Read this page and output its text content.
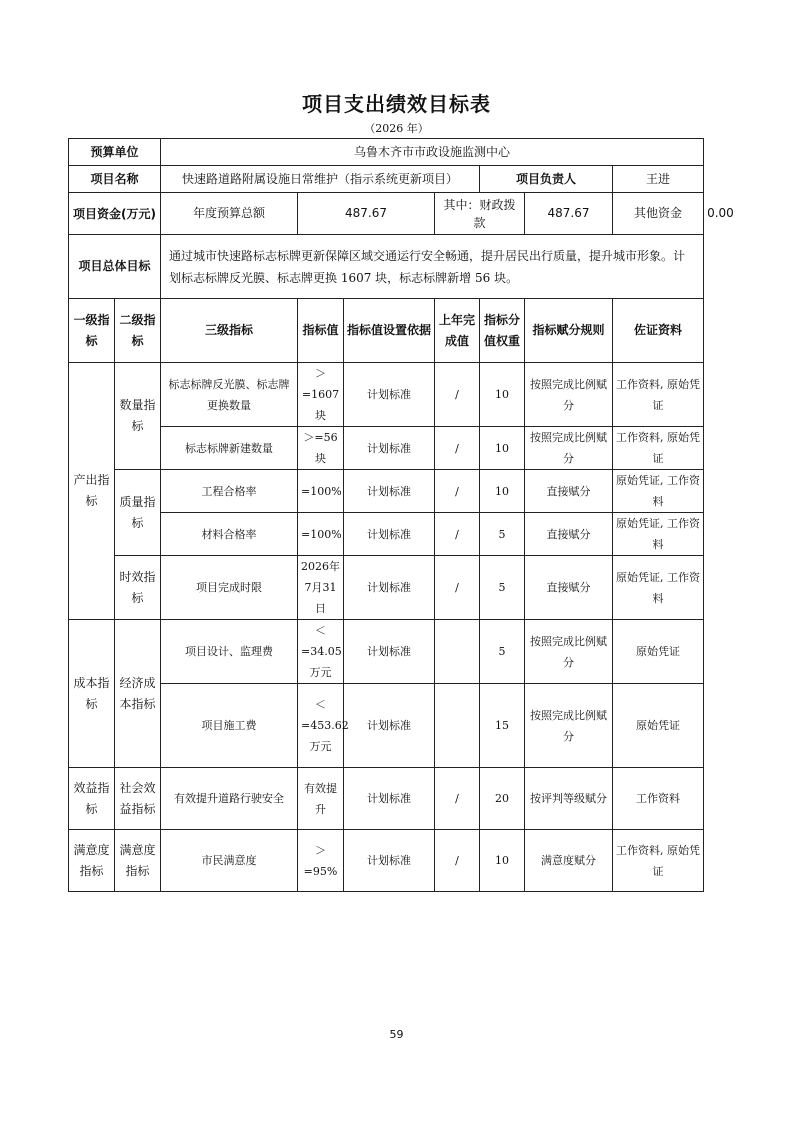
项目支出绩效目标表
（2026 年）
预算单位		乌鲁木齐市市政设施监测中心							
项目名称		快速路道路附属设施日常维护（指示系统更新项目）				项目负责人		王进	
项目资金(万元)		年度预算总额	487.67		其中：财政拨款		487.67	其他资金	0.00
项目总体目标		通过城市快速路标志标牌更新保障区域交通运行安全畅通，提升居民出行质量，提升城市形象。计划标志标牌反光膜、标志牌更换 1607 块，标志标牌新增 56 块。							
一级指标	二级指标	三级指标	指标值	指标值设置依据	上年完成值	指标分值权重	指标赋分规则	佐证资料	
产出指标	数量指标	标志标牌反光膜、标志牌更换数量	＞=1607块	计划标准	/	10	按照完成比例赋分	工作资料, 原始凭证	
		标志标牌新建数量	＞=56块	计划标准	/	10	按照完成比例赋分	工作资料, 原始凭证	
	质量指标	工程合格率	=100%	计划标准	/	10	直接赋分	原始凭证, 工作资料	
		材料合格率	=100%	计划标准	/	5	直接赋分	原始凭证, 工作资料	
	时效指标	项目完成时限	2026年7月31日	计划标准	/	5	直接赋分	原始凭证, 工作资料	
成本指标	经济成本指标	项目设计、监理费	＜=34.05万元	计划标准		5	按照完成比例赋分	原始凭证	
		项目施工费	＜=453.62万元	计划标准		15	按照完成比例赋分	原始凭证	
效益指标	社会效益指标	有效提升道路行驶安全	有效提升	计划标准	/	20	按评判等级赋分	工作资料	
满意度指标	满意度指标	市民满意度	＞=95%	计划标准	/	10	满意度赋分	工作资料, 原始凭证	
59
